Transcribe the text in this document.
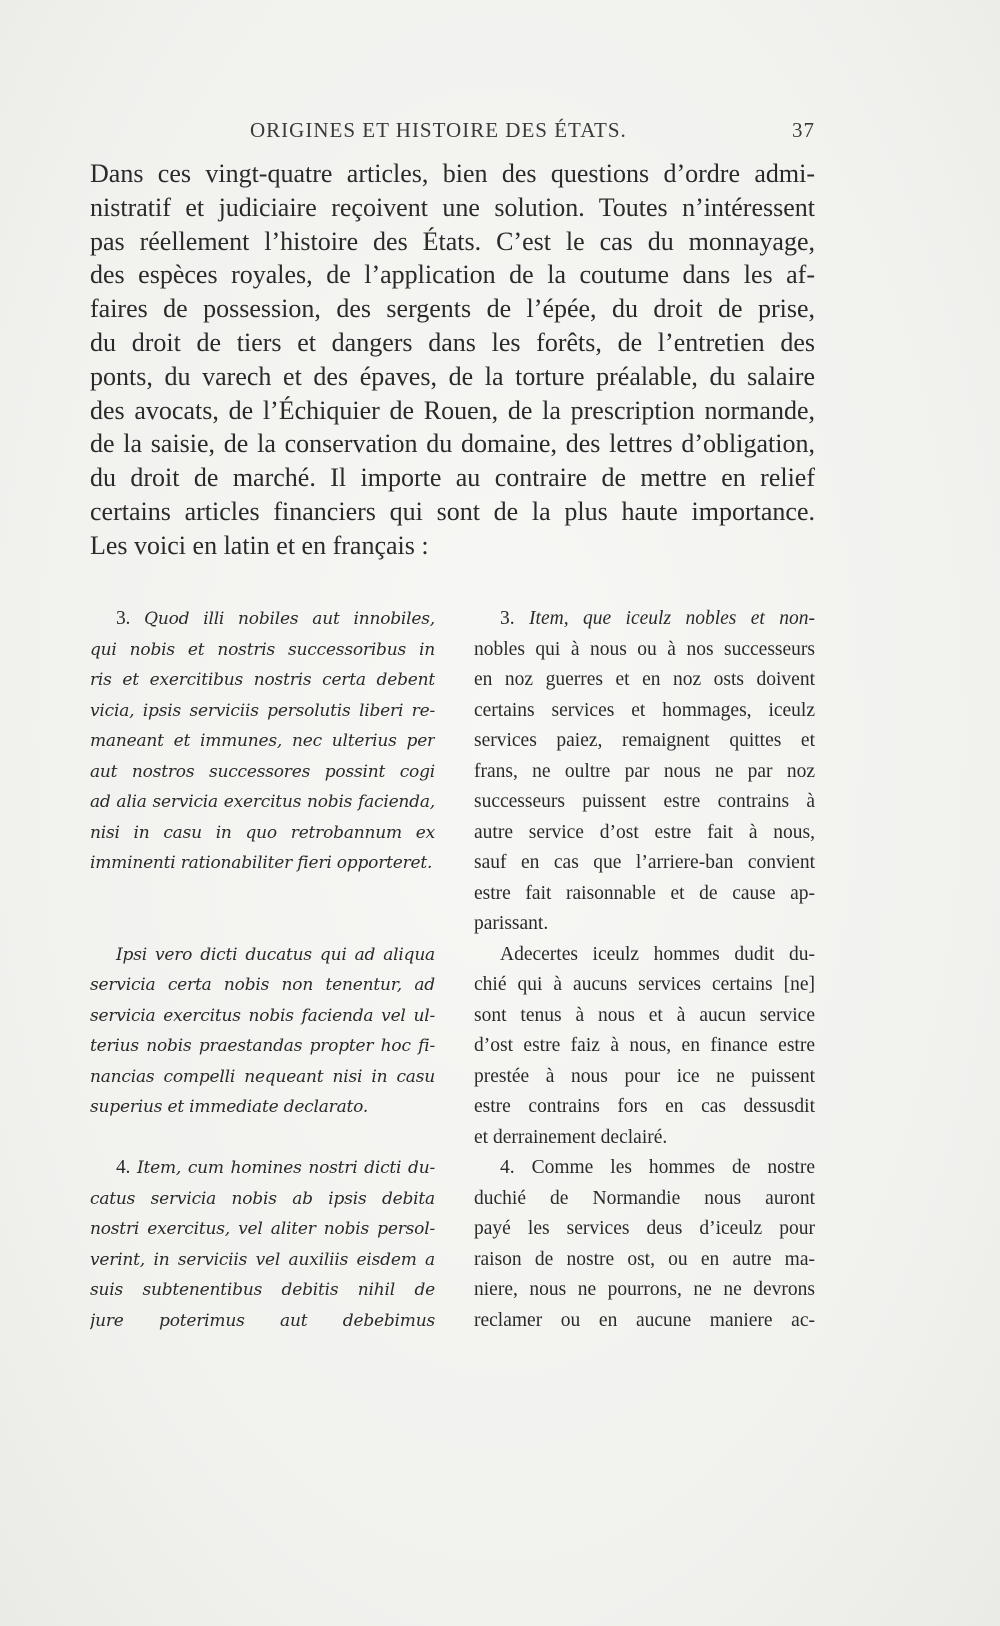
ORIGINES ET HISTOIRE DES ÉTATS.	37
Dans ces vingt-quatre articles, bien des questions d’ordre admi-
nistratif et judiciaire reçoivent une solution. Toutes n’intéressent
pas réellement l’histoire des États. C’est le cas du monnayage,
des espèces royales, de l’application de la coutume dans les af-
faires de possession, des sergents de l’épée, du droit de prise,
du droit de tiers et dangers dans les forêts, de l’entretien des
ponts, du varech et des épaves, de la torture préalable, du salaire
des avocats, de l’Échiquier de Rouen, de la prescription normande,
de la saisie, de la conservation du domaine, des lettres d’obligation,
du droit de marché. Il importe au contraire de mettre en relief
certains articles financiers qui sont de la plus haute importance.
Les voici en latin et en français :
3. Quod illi nobiles aut innobiles,
qui nobis et nostris successoribus in
ris et exercitibus nostris certa debent
vicia, ipsis serviciis persolutis liberi re-
maneant et immunes, nec ulterius per
aut nostros successores possint cogi
ad alia servicia exercitus nobis facienda,
nisi in casu in quo retrobannum ex
imminenti rationabiliter fieri opporteret.
Ipsi vero dicti ducatus qui ad aliqua
servicia certa nobis non tenentur, ad
servicia exercitus nobis facienda vel ul-
terius nobis praestandas propter hoc fi-
nancias compelli nequeant nisi in casu
superius et immediate declarato.
4. Item, cum homines nostri dicti du-
catus servicia nobis ab ipsis debita
nostri exercitus, vel aliter nobis persol-
verint, in serviciis vel auxiliis eisdem a
suis subtenentibus debitis nihil de
jure poterimus aut debebimus
3. Item, que iceulz nobles et non-
nobles qui à nous ou à nos successeurs
en noz guerres et en noz osts doivent
certains services et hommages, iceulz
services paiez, remaignent quittes et
frans, ne oultre par nous ne par noz
successeurs puissent estre contrains à
autre service d’ost estre fait à nous,
sauf en cas que l’arriere-ban convient
estre fait raisonnable et de cause ap-
parissant.
Adecertes iceulz hommes dudit du-
chié qui à aucuns services certains [ne]
sont tenus à nous et à aucun service
d’ost estre faiz à nous, en finance estre
prestée à nous pour ice ne puissent
estre contrains fors en cas dessusdit
et derrainement declairé.
4. Comme les hommes de nostre
duchié de Normandie nous auront
payé les services deus d’iceulz pour
raison de nostre ost, ou en autre ma-
niere, nous ne pourrons, ne ne devrons
reclamer ou en aucune maniere ac-
